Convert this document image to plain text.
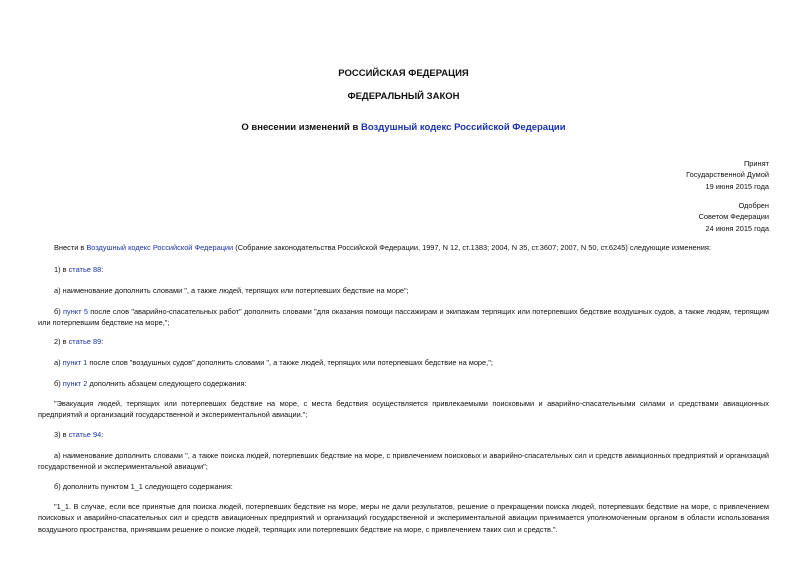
РОССИЙСКАЯ ФЕДЕРАЦИЯ
ФЕДЕРАЛЬНЫЙ ЗАКОН
О внесении изменений в Воздушный кодекс Российской Федерации
Принят
Государственной Думой
19 июня 2015 года
Одобрен
Советом Федерации
24 июня 2015 года
Внести в Воздушный кодекс Российской Федерации (Собрание законодательства Российской Федерации, 1997, N 12, ст.1383; 2004, N 35, ст.3607; 2007, N 50, ст.6245) следующие изменения:
1) в статье 88:
а) наименование дополнить словами ", а также людей, терпящих или потерпевших бедствие на море";
б) пункт 5 после слов "аварийно-спасательных работ" дополнить словами "для оказания помощи пассажирам и экипажам терпящих или потерпевших бедствие воздушных судов, а также людям, терпящим или потерпевшим бедствие на море,";
2) в статье 89:
а) пункт 1 после слов "воздушных судов" дополнить словами ", а также людей, терпящих или потерпевших бедствие на море,";
б) пункт 2 дополнить абзацем следующего содержания:
"Эвакуация людей, терпящих или потерпевших бедствие на море, с места бедствия осуществляется привлекаемыми поисковыми и аварийно-спасательными силами и средствами авиационных предприятий и организаций государственной и экспериментальной авиации.";
3) в статье 94:
а) наименование дополнить словами ", а также поиска людей, потерпевших бедствие на море, с привлечением поисковых и аварийно-спасательных сил и средств авиационных предприятий и организаций государственной и экспериментальной авиации";
б) дополнить пунктом 1_1 следующего содержания:
"1_1. В случае, если все принятые для поиска людей, потерпевших бедствие на море, меры не дали результатов, решение о прекращении поиска людей, потерпевших бедствие на море, с привлечением поисковых и аварийно-спасательных сил и средств авиационных предприятий и организаций государственной и экспериментальной авиации принимается уполномоченным органом в области использования воздушного пространства, принявшим решение о поиске людей, терпящих или потерпевших бедствие на море, с привлечением таких сил и средств.".
